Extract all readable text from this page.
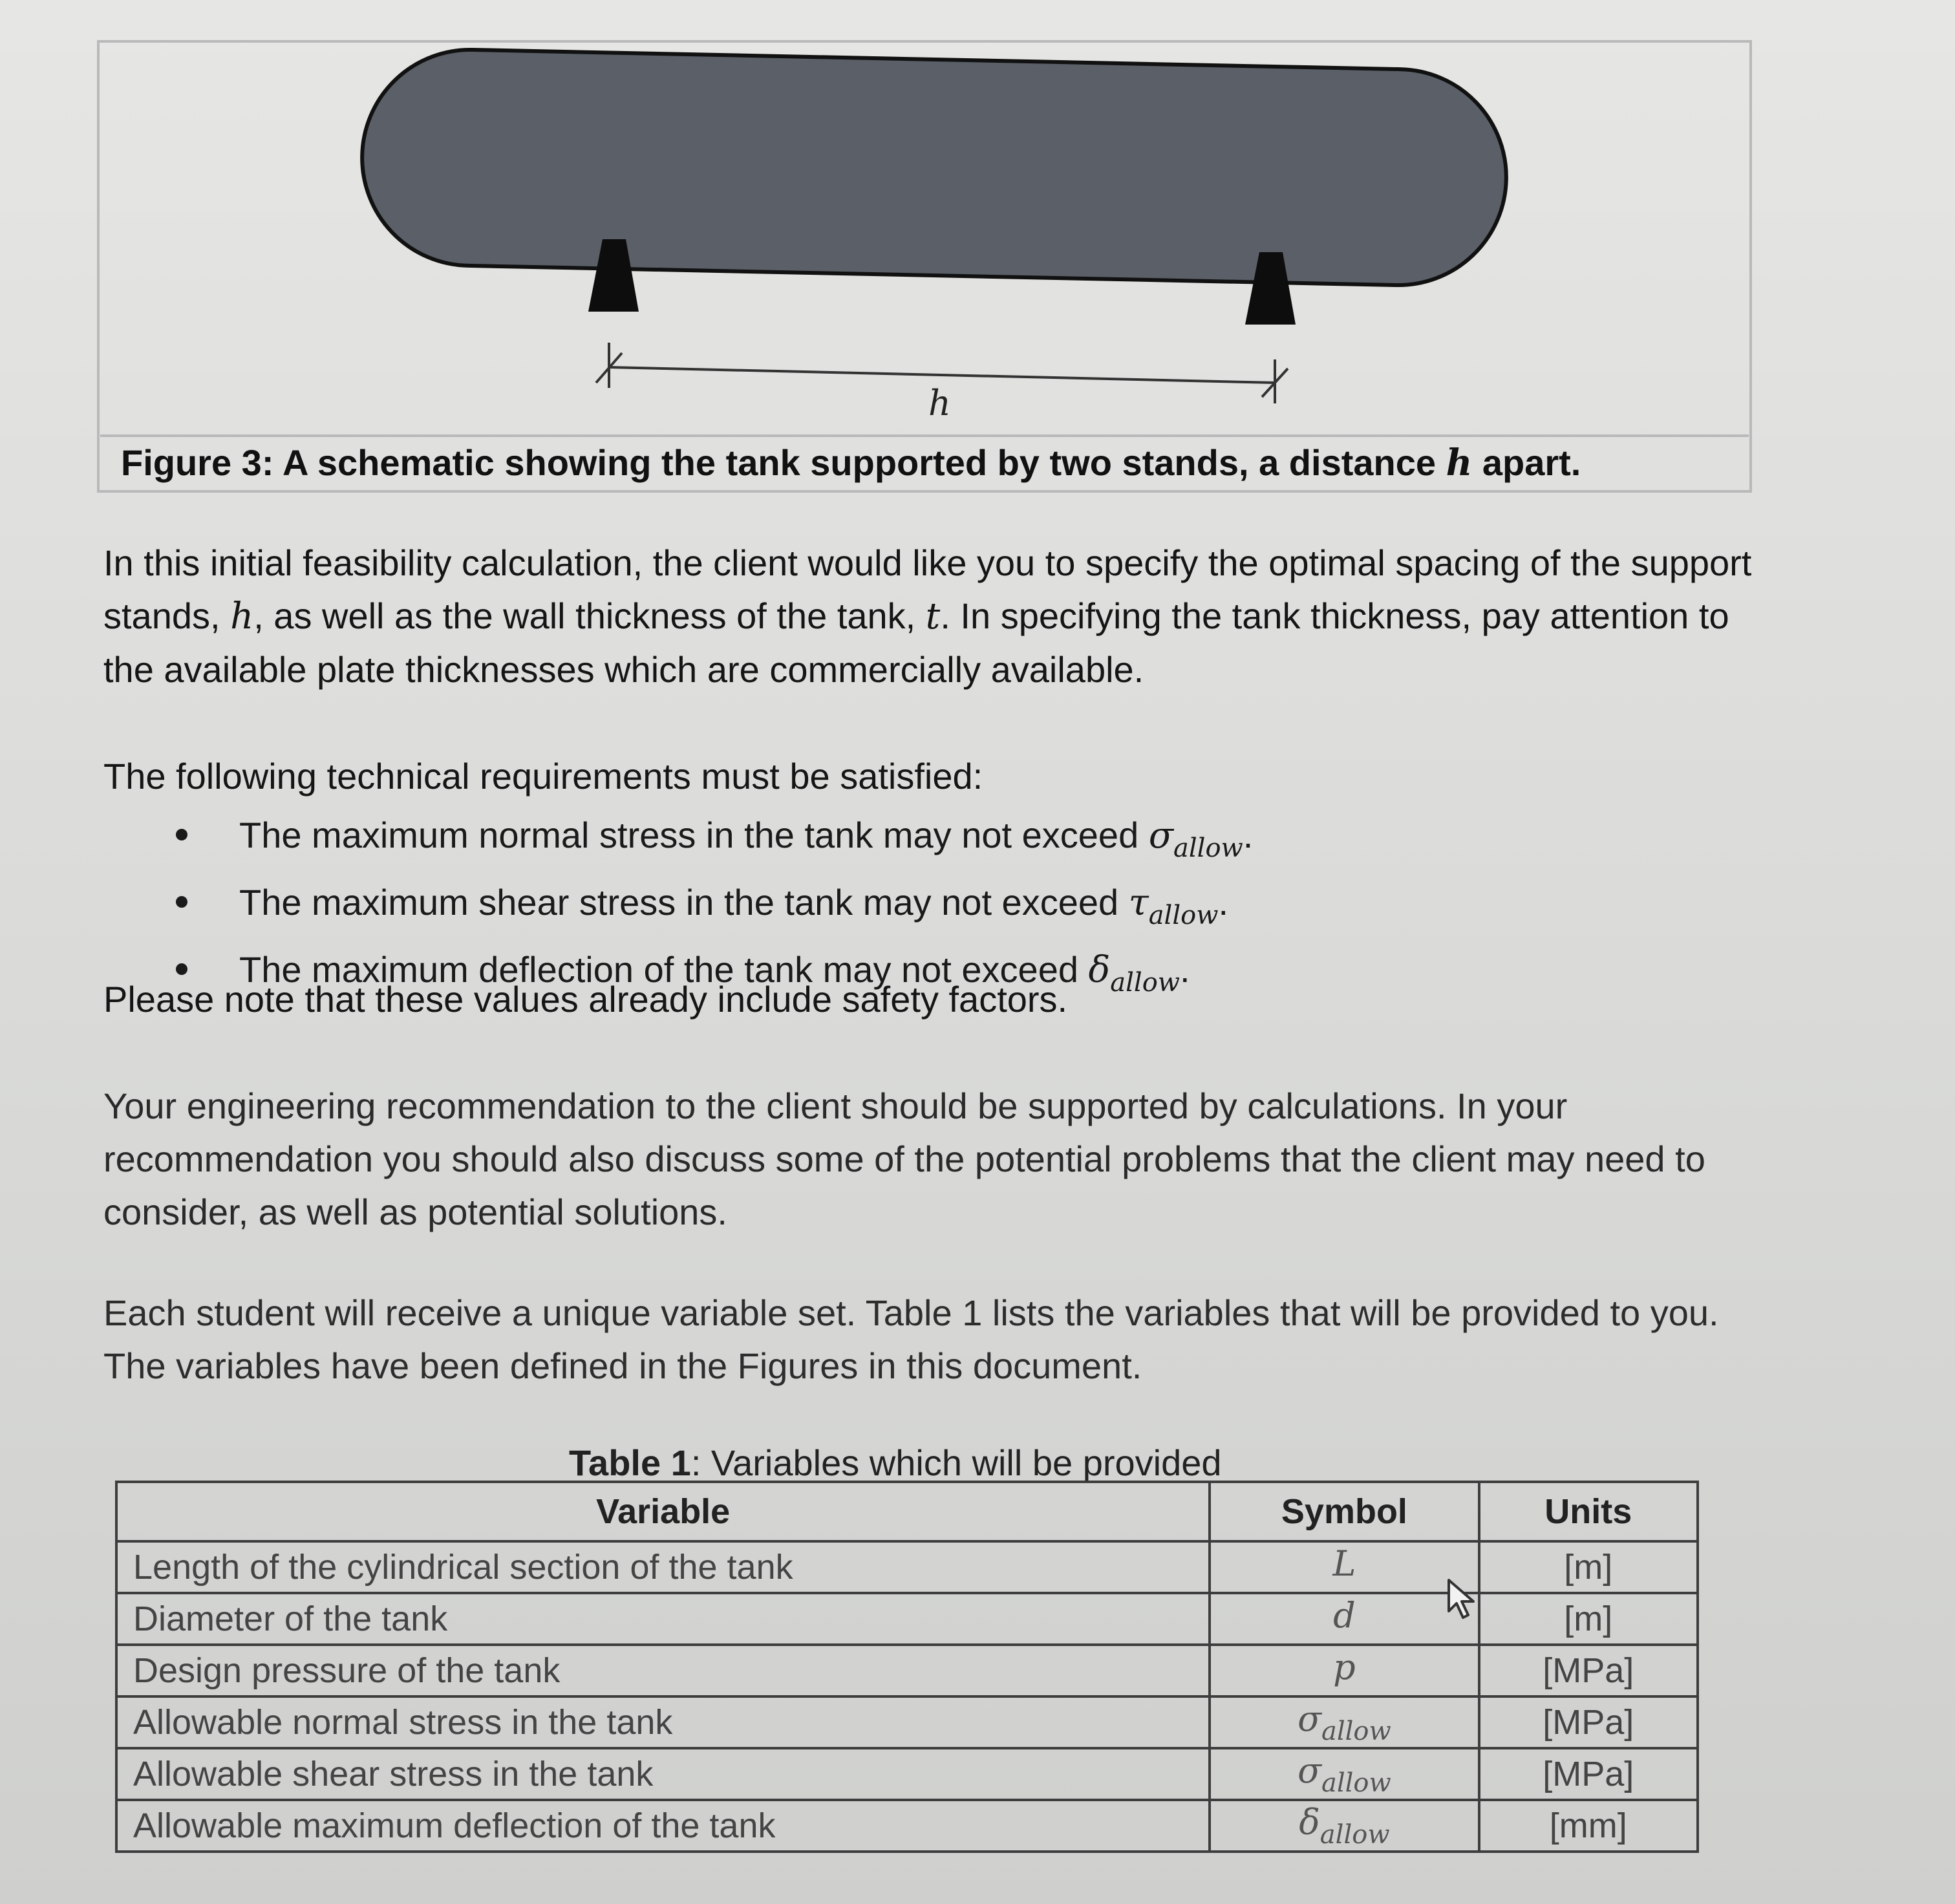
h
Figure 3: A schematic showing the tank supported by two stands, a distance h apart.
In this initial feasibility calculation, the client would like you to specify the optimal spacing of the support stands, h, as well as the wall thickness of the tank, t. In specifying the tank thickness, pay attention to the available plate thicknesses which are commercially available.
The following technical requirements must be satisfied:
The maximum normal stress in the tank may not exceed $\sigma_{allow}$.
The maximum shear stress in the tank may not exceed $\tau_{allow}$.
The maximum deflection of the tank may not exceed $\delta_{allow}$.
Please note that these values already include safety factors.
Your engineering recommendation to the client should be supported by calculations. In your recommendation you should also discuss some of the potential problems that the client may need to consider, as well as potential solutions.
Each student will receive a unique variable set. Table 1 lists the variables that will be provided to you. The variables have been defined in the Figures in this document.
Table 1: Variables which will be provided
Variable	Symbol	Units
Length of the cylindrical section of the tank	L	[m]
Diameter of the tank	d	[m]
Design pressure of the tank	p	[MPa]
Allowable normal stress in the tank	$\sigma_{allow}$	[MPa]
Allowable shear stress in the tank	$\sigma_{allow}$	[MPa]
Allowable maximum deflection of the tank	$\delta_{allow}$	[mm]
